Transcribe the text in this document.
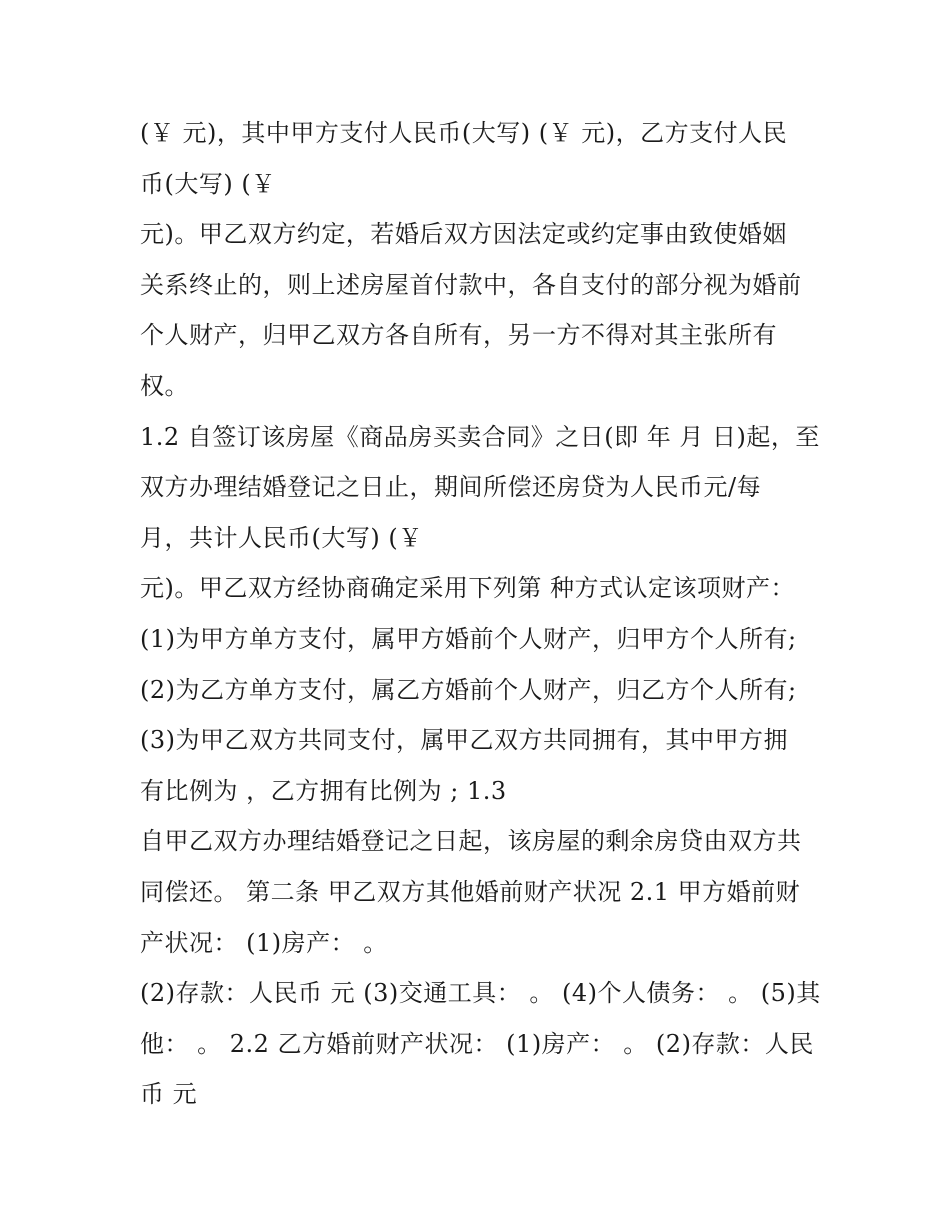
(￥ 元)，其中甲方支付人民币(大写) (￥ 元)，乙方支付人民
币(大写) (￥
元)。甲乙双方约定，若婚后双方因法定或约定事由致使婚姻
关系终止的，则上述房屋首付款中，各自支付的部分视为婚前
个人财产，归甲乙双方各自所有，另一方不得对其主张所有
权。
1.2 自签订该房屋《商品房买卖合同》之日(即 年 月 日)起，至
双方办理结婚登记之日止，期间所偿还房贷为人民币元/每
月，共计人民币(大写) (￥
元)。甲乙双方经协商确定采用下列第 种方式认定该项财产：
(1)为甲方单方支付，属甲方婚前个人财产，归甲方个人所有;
(2)为乙方单方支付，属乙方婚前个人财产，归乙方个人所有;
(3)为甲乙双方共同支付，属甲乙双方共同拥有，其中甲方拥
有比例为 ，乙方拥有比例为 ; 1.3
自甲乙双方办理结婚登记之日起，该房屋的剩余房贷由双方共
同偿还。 第二条 甲乙双方其他婚前财产状况 2.1 甲方婚前财
产状况： (1)房产： 。
(2)存款：人民币 元 (3)交通工具： 。 (4)个人债务： 。 (5)其
他： 。 2.2 乙方婚前财产状况： (1)房产： 。 (2)存款：人民
币 元
